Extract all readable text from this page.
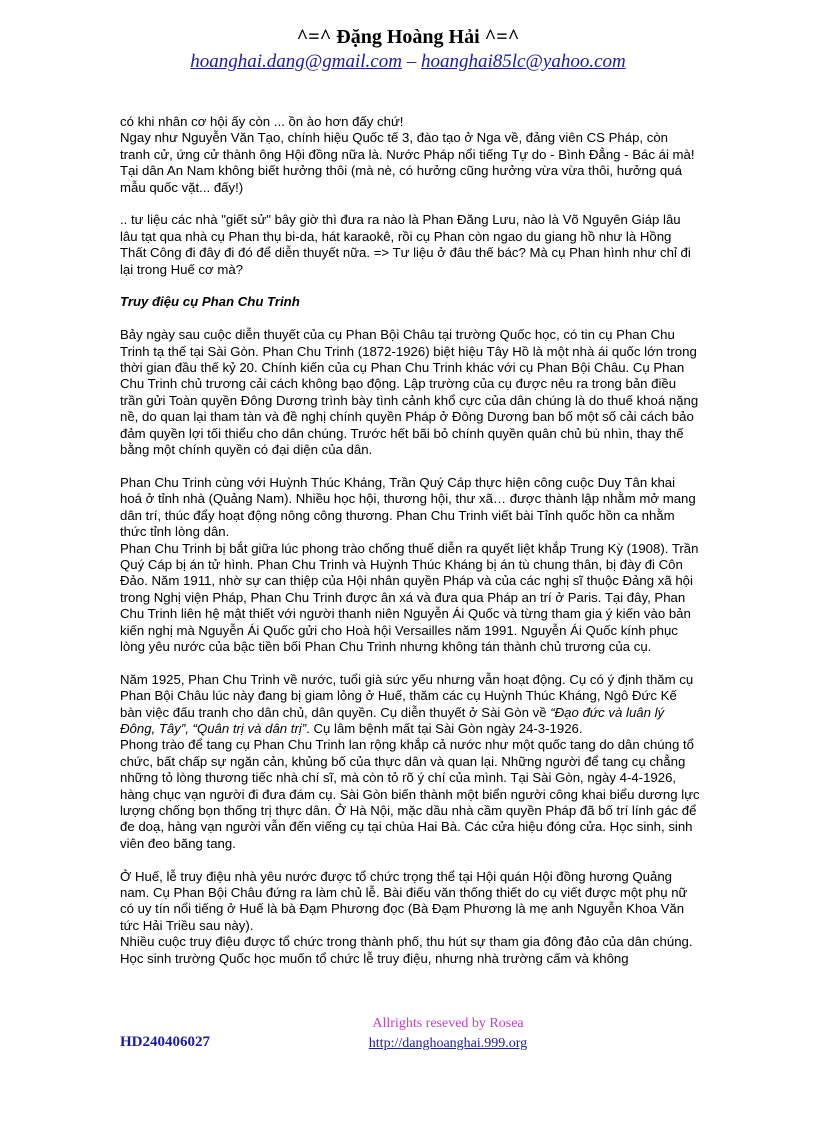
^=^ Đặng Hoàng Hải ^=^
hoanghai.dang@gmail.com – hoanghai85lc@yahoo.com

có khi nhân cơ hội ấy còn ... ồn ào hơn đấy chứ!

Ngay như Nguyễn Văn Tạo, chính hiệu Quốc tế 3, đào tạo ở Nga về, đảng viên CS Pháp, còn tranh cử, ứng cử thành ông Hội đồng nữa là. Nước Pháp nổi tiếng Tự do - Bình Đẳng - Bác ái mà! Tại dân An Nam không biết hưởng thôi (mà nè, có hưởng cũng hưởng vừa vừa thôi, hưởng quá mẫu quốc vặt... đấy!)

.. tư liệu các nhà "giết sử" bây giờ thì đưa ra nào là Phan Đăng Lưu, nào là Võ Nguyên Giáp lâu lâu tạt qua nhà cụ Phan thụ bi-da, hát karaokê, rồi cụ Phan còn ngao du giang hồ như là Hồng Thất Công đi đây đi đó để diễn thuyết nữa. => Tư liệu ở đâu thế bác? Mà cụ Phan hình như chỉ đi lại trong Huế cơ mà?

Truy điệu cụ Phan Chu Trinh

Bảy ngày sau cuộc diễn thuyết của cụ Phan Bội Châu tại trường Quốc học, có tin cụ Phan Chu Trinh tạ thế tại Sài Gòn. Phan Chu Trinh (1872-1926) biệt hiệu Tây Hồ là một nhà ái quốc lớn trong thời gian đầu thế kỷ 20. Chính kiến của cụ Phan Chu Trinh khác với cụ Phan Bội Châu. Cụ Phan Chu Trinh chủ trương cải cách không bạo động. Lập trường của cụ được nêu ra trong bản điều trần gửi Toàn quyền Đông Dương trình bày tình cảnh khổ cực của dân chúng là do thuế khoá nặng nề, do quan lại tham tàn và đề nghị chính quyền Pháp ở Đông Dương ban bố một số cải cách bảo đảm quyền lợi tối thiểu cho dân chúng. Trước hết bãi bỏ chính quyền quân chủ bù nhìn, thay thế bằng một chính quyền có đại diện của dân.

Phan Chu Trinh cùng với Huỳnh Thúc Kháng, Trần Quý Cáp thực hiện công cuộc Duy Tân khai hoá ở tỉnh nhà (Quảng Nam). Nhiều học hội, thương hội, thư xã… được thành lập nhằm mở mang dân trí, thúc đẩy hoạt động nông công thương. Phan Chu Trinh viết bài Tỉnh quốc hồn ca nhằm thức tỉnh lòng dân.

Phan Chu Trinh bị bắt giữa lúc phong trào chống thuế diễn ra quyết liệt khắp Trung Kỳ (1908). Trần Quý Cáp bị án tử hình. Phan Chu Trinh và Huỳnh Thúc Kháng bị án tù chung thân, bị đày đi Côn Đảo. Năm 1911, nhờ sự can thiệp của Hội nhân quyền Pháp và của các nghị sĩ thuộc Đảng xã hội trong Nghị viện Pháp, Phan Chu Trinh được ân xá và đưa qua Pháp an trí ở Paris. Tại đây, Phan Chu Trinh liên hệ mật thiết với người thanh niên Nguyễn Ái Quốc và từng tham gia ý kiến vào bản kiến nghị mà Nguyễn Ái Quốc gửi cho Hoà hội Versailles năm 1991. Nguyễn Ái Quốc kính phục lòng yêu nước của bậc tiền bối Phan Chu Trinh nhưng không tán thành chủ trương của cụ.

Năm 1925, Phan Chu Trinh về nước, tuổi già sức yếu nhưng vẫn hoạt động. Cụ có ý định thăm cụ Phan Bội Châu lúc này đang bị giam lỏng ở Huế, thăm các cụ Huỳnh Thúc Kháng, Ngô Đức Kế bàn việc đấu tranh cho dân chủ, dân quyền. Cụ diễn thuyết ở Sài Gòn về “Đạo đức và luân lý Đông, Tây”, “Quân trị và dân trị”. Cụ lâm bệnh mất tại Sài Gòn ngày 24-3-1926.

Phong trào để tang cụ Phan Chu Trinh lan rộng khắp cả nước như một quốc tang do dân chúng tổ chức, bất chấp sự ngăn cản, khủng bố của thực dân và quan lại. Những người để tang cụ chẳng những tỏ lòng thương tiếc nhà chí sĩ, mà còn tỏ rõ ý chí của mình. Tại Sài Gòn, ngày 4-4-1926, hàng chục vạn người đi đưa đám cụ. Sài Gòn biến thành một biển người công khai biểu dương lực lượng chống bọn thống trị thực dân. Ở Hà Nội, mặc dầu nhà cầm quyền Pháp đã bố trí lính gác để đe doạ, hàng vạn người vẫn đến viếng cụ tại chùa Hai Bà. Các cửa hiệu đóng cửa. Học sinh, sinh viên đeo băng tang.

Ở Huế, lễ truy điệu nhà yêu nước được tổ chức trọng thể tại Hội quán Hội đồng hương Quảng nam. Cụ Phan Bội Châu đứng ra làm chủ lễ. Bài điếu văn thống thiết do cụ viết được một phụ nữ có uy tín nổi tiếng ở Huế là bà Đạm Phương đọc (Bà Đạm Phương là mẹ anh Nguyễn Khoa Văn tức Hải Triều sau này).

Nhiều cuộc truy điệu được tổ chức trong thành phố, thu hút sự tham gia đông đảo của dân chúng. Học sinh trường Quốc học muốn tổ chức lễ truy điệu, nhưng nhà trường cấm và không

HD240406027
Allrights reseved by Rosea
http://danghoanghai.999.org
